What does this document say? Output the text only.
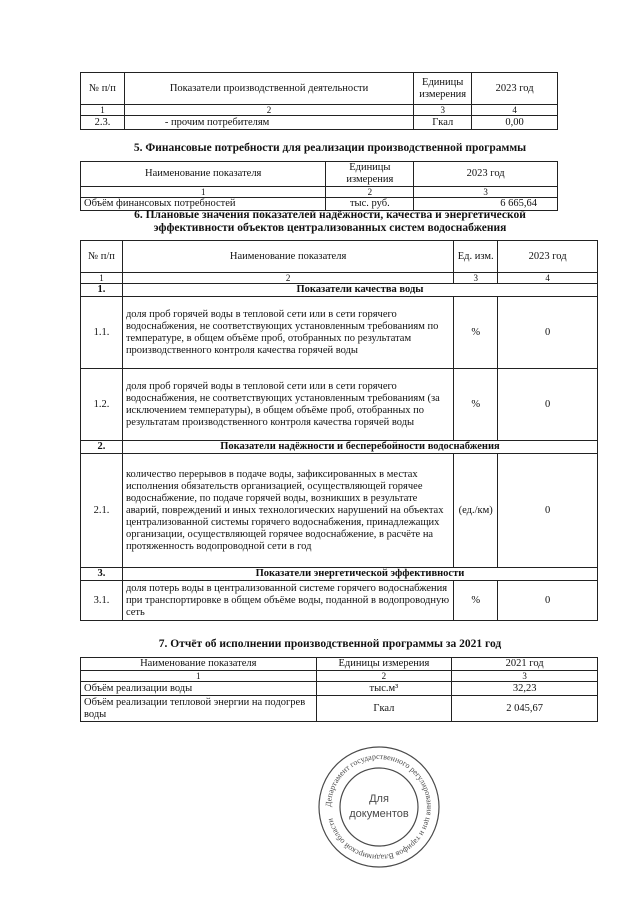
№ п/п	Показатели производственной деятельности	Единицы измерения	2023 год
1	2	3	4
2.3.	- прочим потребителям	Гкал	0,00
5. Финансовые потребности для реализации производственной программы
Наименование показателя	Единицы измерения	2023 год
1	2	3
Объём финансовых потребностей	тыс. руб.	6 665,64
6. Плановые значения показателей надёжности, качества и энергетической
эффективности объектов централизованных систем водоснабжения
№ п/п	Наименование показателя	Ед. изм.	2023 год
1	2	3	4
1.	Показатели качества воды		
1.1.	доля проб горячей воды в тепловой сети или в сети горячего водоснабжения, не соответствующих установленным требованиям по температуре, в общем объёме проб, отобранных по результатам производственного контроля качества горячей воды	%	0
1.2.	доля проб горячей воды в тепловой сети или в сети горячего водоснабжения, не соответствующих установленным требованиям (за исключением температуры), в общем объёме проб, отобранных по результатам производственного контроля качества горячей воды	%	0
2.	Показатели надёжности и бесперебойности водоснабжения		
2.1.	количество перерывов в подаче воды, зафиксированных в местах исполнения обязательств организацией, осуществляющей горячее водоснабжение, по подаче горячей воды, возникших в результате аварий, повреждений и иных технологических нарушений на объектах централизованной системы горячего водоснабжения, принадлежащих организации, осуществляющей горячее водоснабжение, в расчёте на протяженность водопроводной сети в год	(ед./км)	0
3.	Показатели энергетической эффективности		
3.1.	доля потерь воды в централизованной системе горячего водоснабжения при транспортировке в общем объёме воды, поданной в водопроводную сеть	%	0
7. Отчёт об исполнении производственной программы за 2021 год
Наименование показателя	Единицы измерения	2021 год
1	2	3
Объём реализации воды	тыс.м³	32,23
Объём реализации тепловой энергии на подогрев воды	Гкал	2 045,67
Департамент государственного регулирования цен и тарифов Владимирской области
Для
документов
